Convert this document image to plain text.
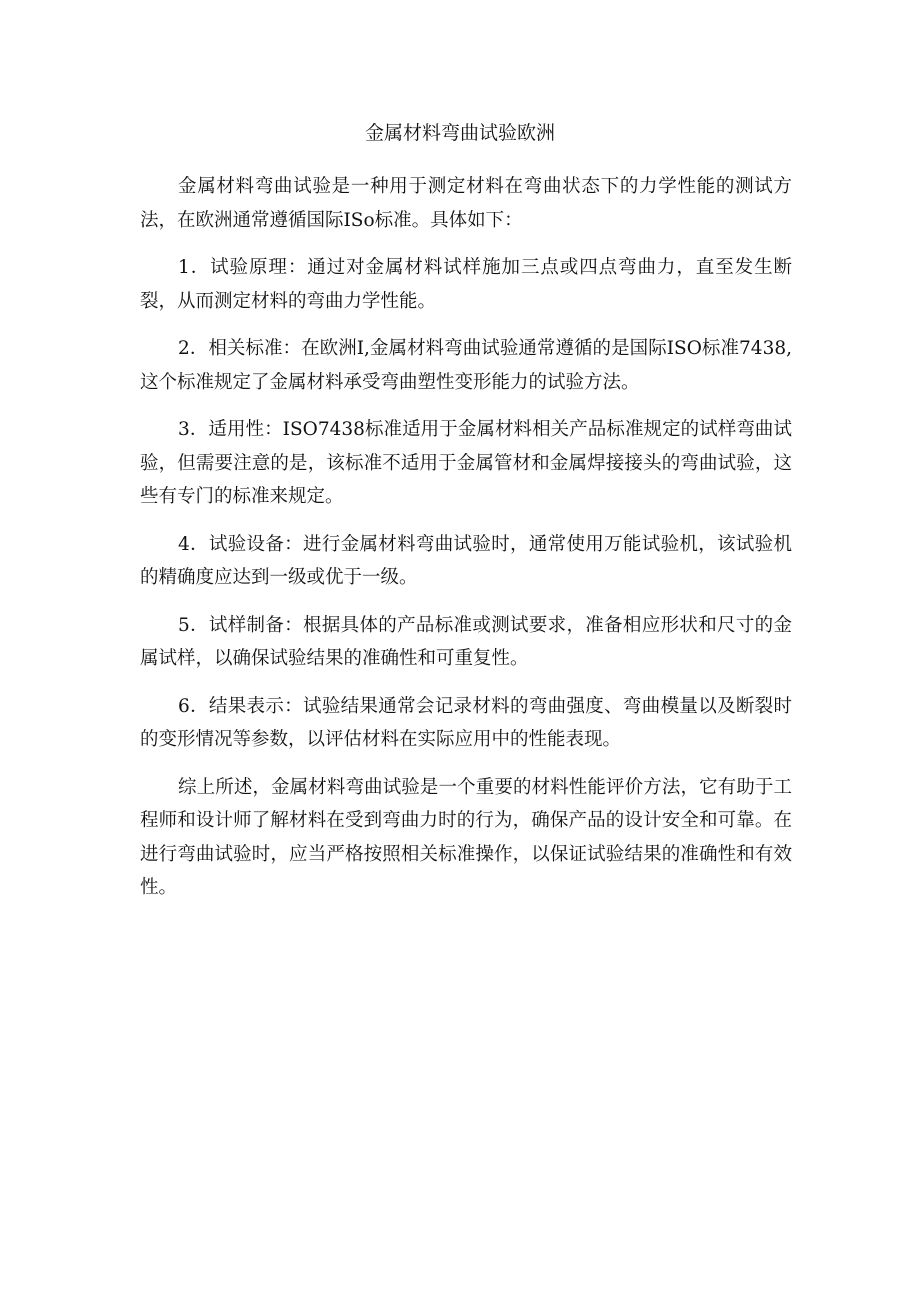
金属材料弯曲试验欧洲

金属材料弯曲试验是一种用于测定材料在弯曲状态下的力学性能的测试方法，在欧洲通常遵循国际ISo标准。具体如下：

1．试验原理：通过对金属材料试样施加三点或四点弯曲力，直至发生断裂，从而测定材料的弯曲力学性能。

2．相关标准：在欧洲I,金属材料弯曲试验通常遵循的是国际ISO标准7438,这个标准规定了金属材料承受弯曲塑性变形能力的试验方法。

3．适用性：ISO7438标准适用于金属材料相关产品标准规定的试样弯曲试验，但需要注意的是，该标准不适用于金属管材和金属焊接接头的弯曲试验，这些有专门的标准来规定。

4．试验设备：进行金属材料弯曲试验时，通常使用万能试验机，该试验机的精确度应达到一级或优于一级。

5．试样制备：根据具体的产品标准或测试要求，准备相应形状和尺寸的金属试样，以确保试验结果的准确性和可重复性。

6．结果表示：试验结果通常会记录材料的弯曲强度、弯曲模量以及断裂时的变形情况等参数，以评估材料在实际应用中的性能表现。

综上所述，金属材料弯曲试验是一个重要的材料性能评价方法，它有助于工程师和设计师了解材料在受到弯曲力时的行为，确保产品的设计安全和可靠。在进行弯曲试验时，应当严格按照相关标准操作，以保证试验结果的准确性和有效性。
